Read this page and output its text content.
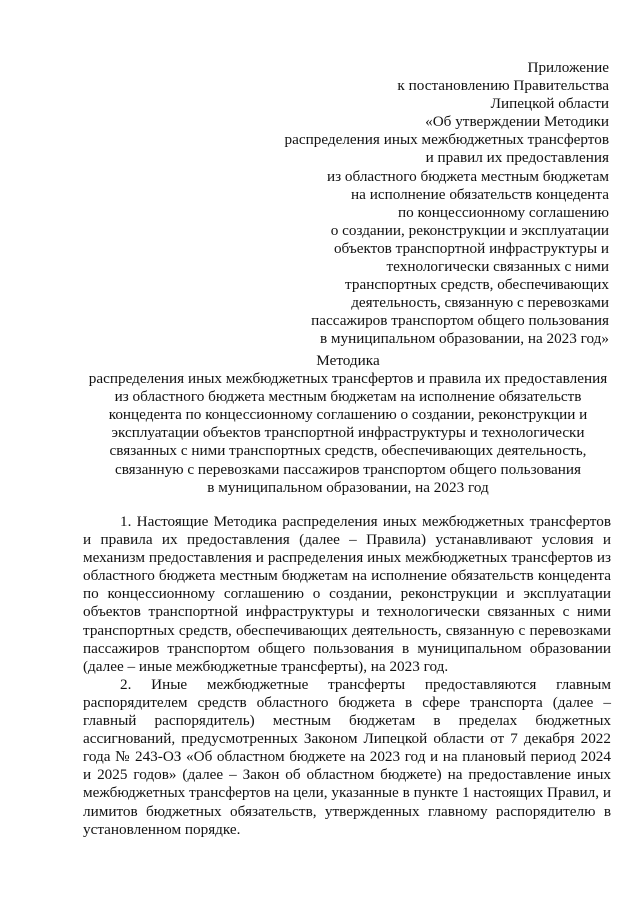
Приложение
к постановлению Правительства
Липецкой области
«Об утверждении Методики
распределения иных межбюджетных трансфертов
и правил их предоставления
из областного бюджета местным бюджетам
на исполнение обязательств концедента
по концессионному соглашению
о создании, реконструкции и эксплуатации
объектов транспортной инфраструктуры и
технологически связанных с ними
транспортных средств, обеспечивающих
деятельность, связанную с перевозками
пассажиров транспортом общего пользования
в муниципальном образовании, на 2023 год»
Методика
распределения иных межбюджетных трансфертов и правила их предоставления
из областного бюджета местным бюджетам на исполнение обязательств
концедента по концессионному соглашению о создании, реконструкции и
эксплуатации объектов транспортной инфраструктуры и технологически
связанных с ними транспортных средств, обеспечивающих деятельность,
связанную с перевозками пассажиров транспортом общего пользования
в муниципальном образовании, на 2023 год

1. Настоящие Методика распределения иных межбюджетных трансфертов и правила их предоставления (далее – Правила) устанавливают условия и механизм предоставления и распределения иных межбюджетных трансфертов из областного бюджета местным бюджетам на исполнение обязательств концедента по концессионному соглашению о создании, реконструкции и эксплуатации объектов транспортной инфраструктуры и технологически связанных с ними транспортных средств, обеспечивающих деятельность, связанную с перевозками пассажиров транспортом общего пользования в муниципальном образовании (далее – иные межбюджетные трансферты), на 2023 год.

2. Иные межбюджетные трансферты предоставляются главным распорядителем средств областного бюджета в сфере транспорта (далее – главный распорядитель) местным бюджетам в пределах бюджетных ассигнований, предусмотренных Законом Липецкой области от 7 декабря 2022 года № 243-ОЗ «Об областном бюджете на 2023 год и на плановый период 2024 и 2025 годов» (далее – Закон об областном бюджете) на предоставление иных межбюджетных трансфертов на цели, указанные в пункте 1 настоящих Правил, и лимитов бюджетных обязательств, утвержденных главному распорядителю в установленном порядке.
